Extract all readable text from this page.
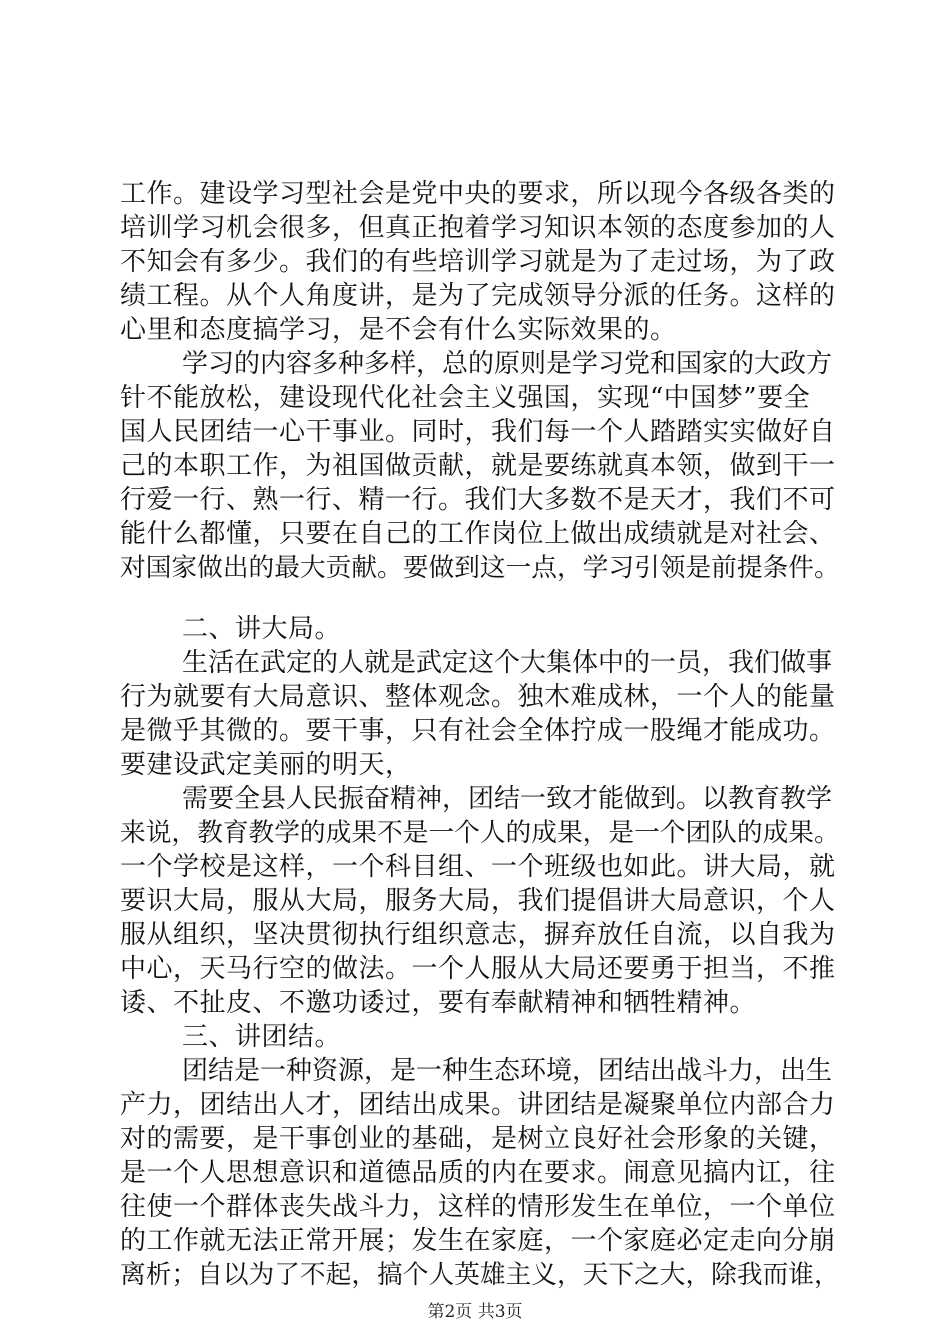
工作。建设学习型社会是党中央的要求，所以现今各级各类的
培训学习机会很多，但真正抱着学习知识本领的态度参加的人
不知会有多少。我们的有些培训学习就是为了走过场，为了政
绩工程。从个人角度讲，是为了完成领导分派的任务。这样的
心里和态度搞学习，是不会有什么实际效果的。
学习的内容多种多样，总的原则是学习党和国家的大政方
针不能放松，建设现代化社会主义强国，实现“中国梦”要全
国人民团结一心干事业。同时，我们每一个人踏踏实实做好自
己的本职工作，为祖国做贡献，就是要练就真本领，做到干一
行爱一行、熟一行、精一行。我们大多数不是天才，我们不可
能什么都懂，只要在自己的工作岗位上做出成绩就是对社会、
对国家做出的最大贡献。要做到这一点，学习引领是前提条件。
二、讲大局。
生活在武定的人就是武定这个大集体中的一员，我们做事
行为就要有大局意识、整体观念。独木难成林，一个人的能量
是微乎其微的。要干事，只有社会全体拧成一股绳才能成功。
要建设武定美丽的明天，
需要全县人民振奋精神，团结一致才能做到。以教育教学
来说，教育教学的成果不是一个人的成果，是一个团队的成果。
一个学校是这样，一个科目组、一个班级也如此。讲大局，就
要识大局，服从大局，服务大局，我们提倡讲大局意识，个人
服从组织，坚决贯彻执行组织意志，摒弃放任自流，以自我为
中心，天马行空的做法。一个人服从大局还要勇于担当，不推
诿、不扯皮、不邀功诿过，要有奉献精神和牺牲精神。
三、讲团结。
团结是一种资源，是一种生态环境，团结出战斗力，出生
产力，团结出人才，团结出成果。讲团结是凝聚单位内部合力
对的需要，是干事创业的基础，是树立良好社会形象的关键，
是一个人思想意识和道德品质的内在要求。闹意见搞内讧，往
往使一个群体丧失战斗力，这样的情形发生在单位，一个单位
的工作就无法正常开展；发生在家庭，一个家庭必定走向分崩
离析；自以为了不起，搞个人英雄主义，天下之大，除我而谁，
第2页 共3页
